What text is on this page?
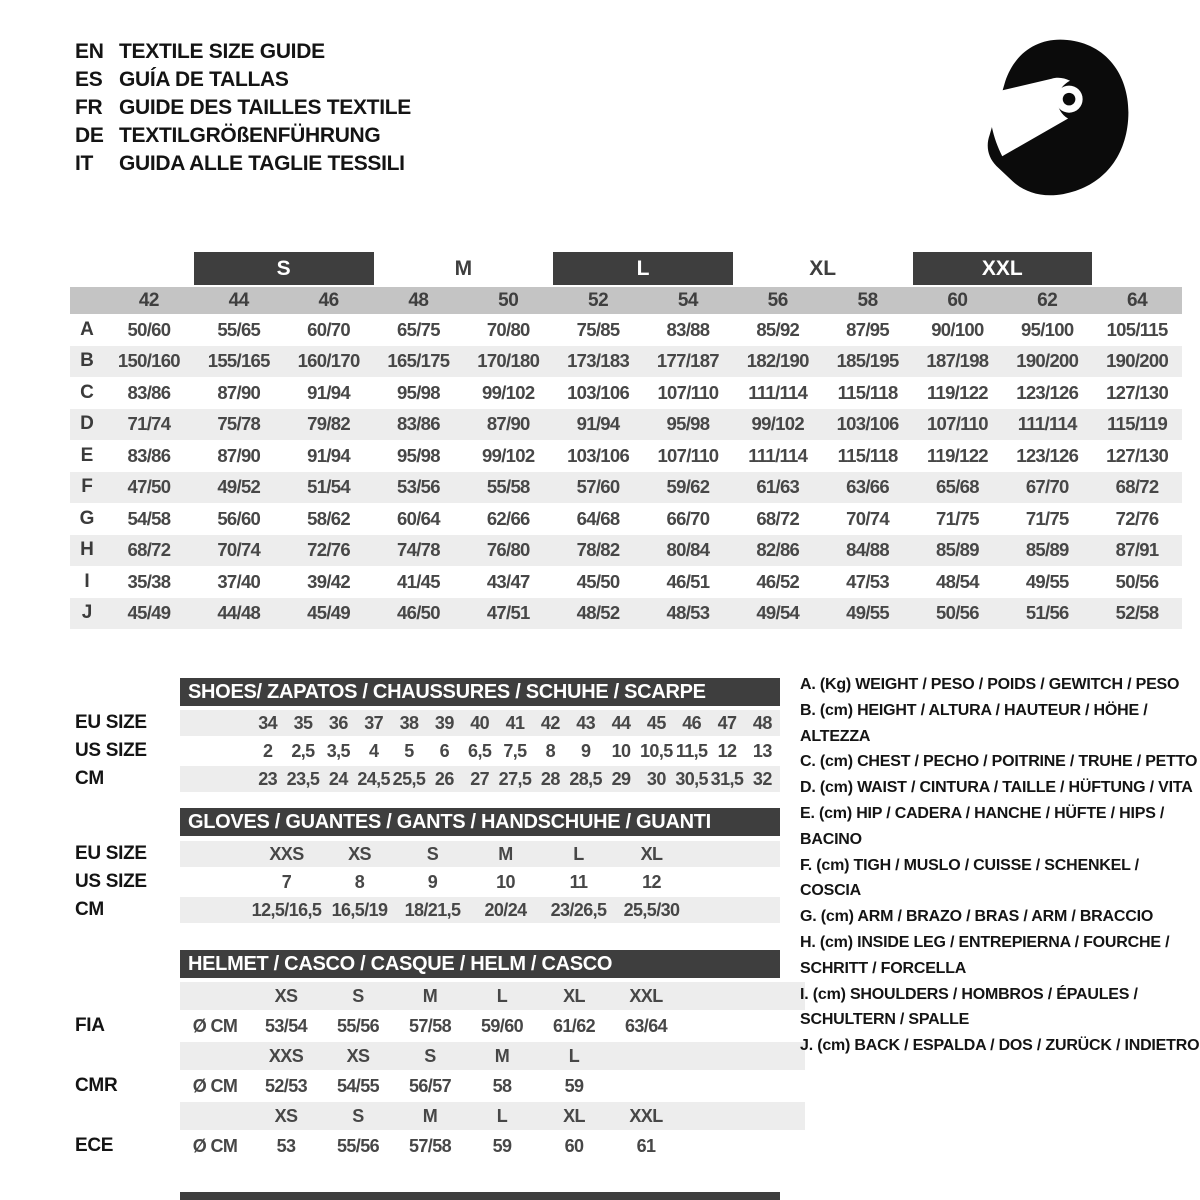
EN TEXTILE SIZE GUIDE
ES GUÍA DE TALLAS
FR GUIDE DES TAILLES TEXTILE
DE TEXTILGRÖßENFÜHRUNG
IT	GUIDA ALLE TAGLIE TESSILI
S	M	L	XL	XXL
42	44	46	48	50	52	54	56	58	60	62	64
A	50/60	55/65	60/70	65/75	70/80	75/85	83/88	85/92	87/95	90/100	95/100	105/115
B	150/160	155/165	160/170	165/175	170/180	173/183	177/187	182/190	185/195	187/198	190/200	190/200
C	83/86	87/90	91/94	95/98	99/102	103/106	107/110	111/114	115/118	119/122	123/126	127/130
D	71/74	75/78	79/82	83/86	87/90	91/94	95/98	99/102	103/106	107/110	111/114	115/119
E	83/86	87/90	91/94	95/98	99/102	103/106	107/110	111/114	115/118	119/122	123/126	127/130
F	47/50	49/52	51/54	53/56	55/58	57/60	59/62	61/63	63/66	65/68	67/70	68/72
G	54/58	56/60	58/62	60/64	62/66	64/68	66/70	68/72	70/74	71/75	71/75	72/76
H	68/72	70/74	72/76	74/78	76/80	78/82	80/84	82/86	84/88	85/89	85/89	87/91
I	35/38	37/40	39/42	41/45	43/47	45/50	46/51	46/52	47/53	48/54	49/55	50/56
J	45/49	44/48	45/49	46/50	47/51	48/52	48/53	49/54	49/55	50/56	51/56	52/58
SHOES/ ZAPATOS / CHAUSSURES / SCHUHE / SCARPE
34 35 36 37 38 39 40 41 42 43 44 45 46 47 48
2	2,5 3,5	4	5	6	6,5 7,5	8	9	10 10,5 11,5 12 13
23 23,5 24 24,5 25,5 26 27 27,5 28 28,5 29 30 30,5 31,5 32
EU SIZE
US SIZE
CM
GLOVES / GUANTES / GANTS / HANDSCHUHE / GUANTI
XXS	XS	S	M	L	XL
7	8	9	10	11	12
12,5/16,5 16,5/19 18/21,5	20/24	23/26,5 25,5/30
EU SIZE
US SIZE
CM
HELMET / CASCO / CASQUE / HELM / CASCO
XS	S	M	L	XL	XXL
Ø CM	53/54	55/56	57/58	59/60	61/62	63/64
XXS	XS	S	M	L
Ø CM	52/53	54/55	56/57	58	59
XS	S	M	L	XL	XXL
Ø CM	53	55/56	57/58	59	60	61
FIA
CMR
ECE
A. (Kg) WEIGHT / PESO / POIDS / GEWITCH / PESO
B. (cm) HEIGHT / ALTURA / HAUTEUR / HÖHE / ALTEZZA
C. (cm) CHEST / PECHO / POITRINE / TRUHE / PETTO
D. (cm) WAIST / CINTURA / TAILLE / HÜFTUNG / VITA
E. (cm) HIP / CADERA / HANCHE / HÜFTE / HIPS / BACINO
F. (cm) TIGH / MUSLO / CUISSE / SCHENKEL / COSCIA
G. (cm) ARM / BRAZO / BRAS / ARM / BRACCIO
H. (cm) INSIDE LEG / ENTREPIERNA / FOURCHE / SCHRITT / FORCELLA
I. (cm) SHOULDERS / HOMBROS / ÉPAULES / SCHULTERN / SPALLE
J. (cm) BACK / ESPALDA / DOS / ZURÜCK / INDIETRO
